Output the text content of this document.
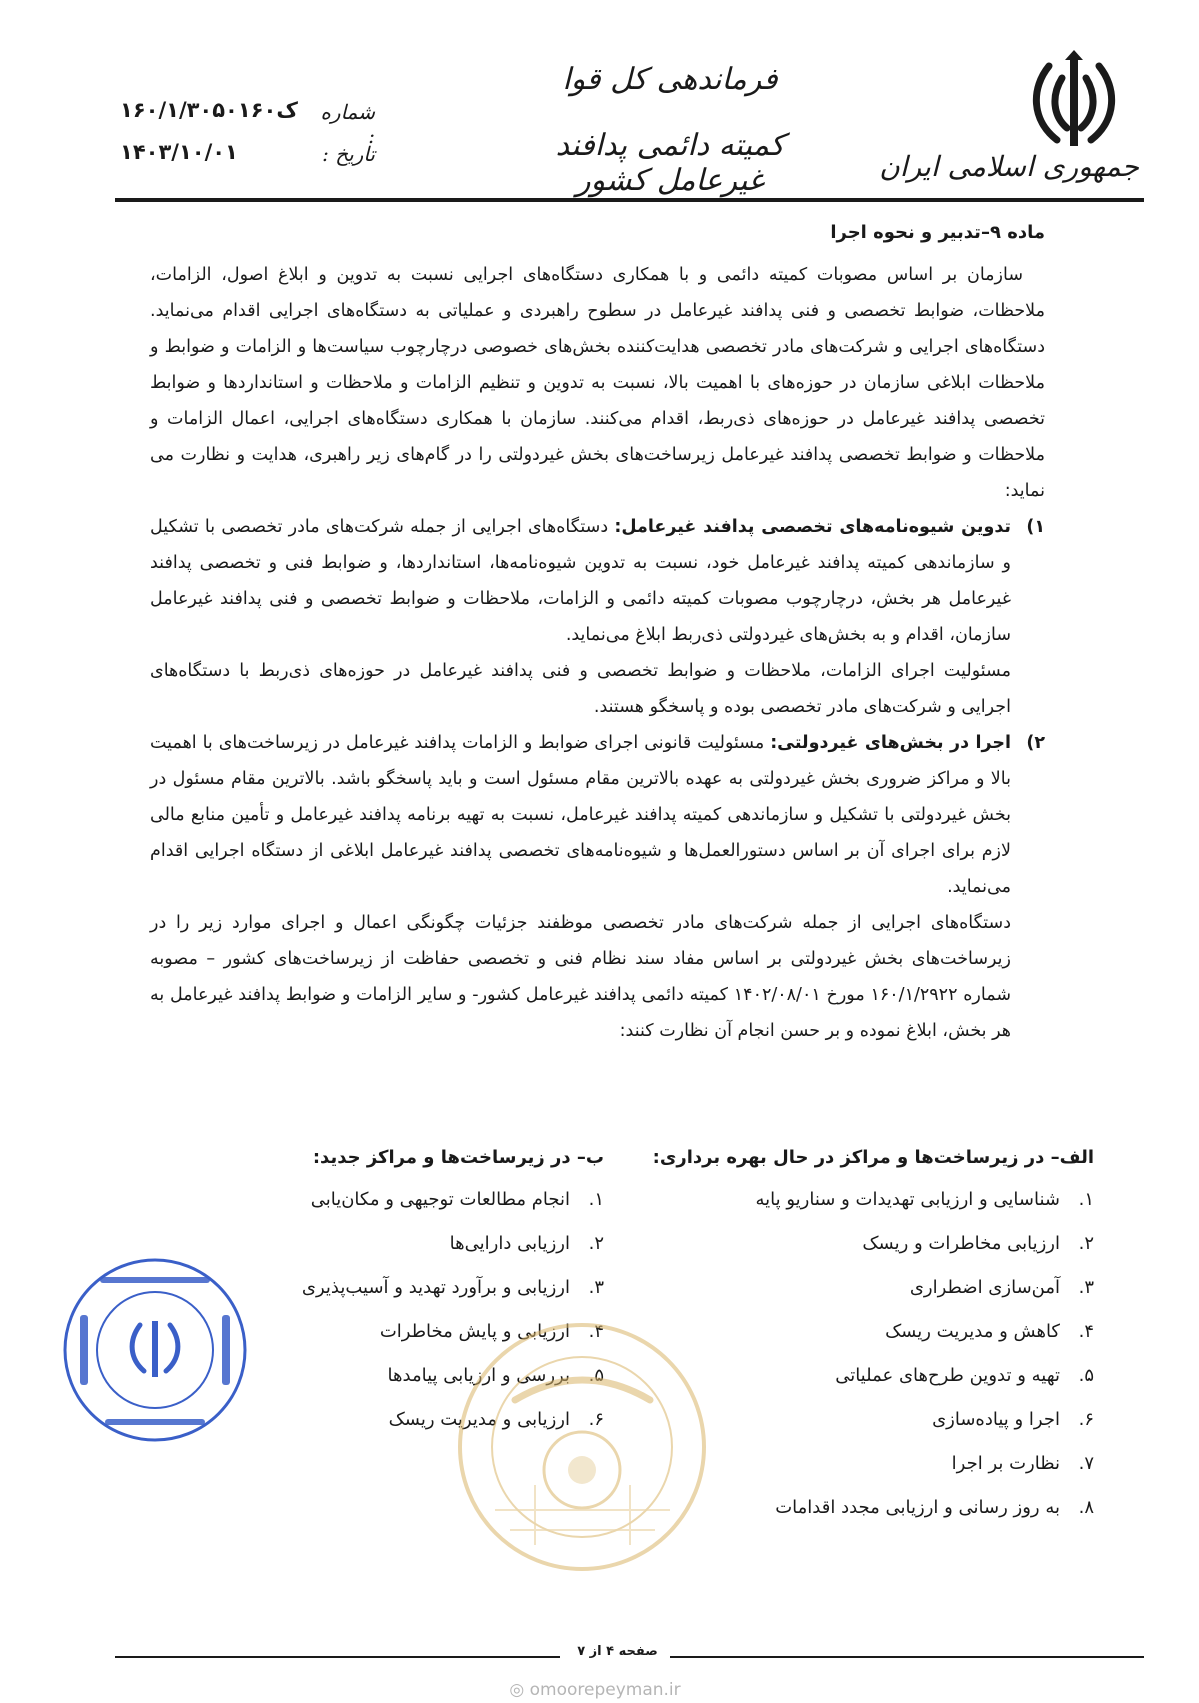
جمهوری اسلامی ایران
فرماندهی کل قوا
کمیته دائمی پدافند غیرعامل کشور
شماره :
۱۶۰/۱/۳۰۵۰ک۱۶۰
تاریخ :
۱۴۰۳/۱۰/۰۱

ماده ۹–تدبیر و نحوه اجرا

سازمان بر اساس مصوبات کمیته دائمی و با همکاری دستگاه‌های اجرایی نسبت به تدوین و ابلاغ اصول، الزامات، ملاحظات، ضوابط تخصصی و فنی پدافند غیرعامل در سطوح راهبردی و عملیاتی به دستگاه‌های اجرایی اقدام می‌نماید. دستگاه‌های اجرایی و شرکت‌های مادر تخصصی هدایت‌کننده بخش‌های خصوصی درچارچوب سیاست‌ها و الزامات و ضوابط و ملاحظات ابلاغی سازمان در حوزه‌های با اهمیت بالا، نسبت به تدوین و تنظیم الزامات و ملاحظات و استانداردها و ضوابط تخصصی پدافند غیرعامل در حوزه‌های ذی‌ربط، اقدام می‌کنند. سازمان با همکاری دستگاه‌های اجرایی، اعمال الزامات و ملاحظات و ضوابط تخصصی پدافند غیرعامل زیرساخت‌های بخش غیردولتی را در گام‌های زیر راهبری، هدایت و نظارت می نماید:

۱)

تدوین شیوه‌نامه‌های تخصصی پدافند غیرعامل: دستگاه‌های اجرایی از جمله شرکت‌های مادر تخصصی با تشکیل و سازماندهی کمیته پدافند غیرعامل خود، نسبت به تدوین شیوه‌نامه‌ها، استانداردها، و ضوابط فنی و تخصصی پدافند غیرعامل هر بخش، درچارچوب مصوبات کمیته دائمی و الزامات، ملاحظات و ضوابط تخصصی و فنی پدافند غیرعامل سازمان، اقدام و به بخش‌های غیردولتی ذی‌ربط ابلاغ می‌نماید.

مسئولیت اجرای الزامات، ملاحظات و ضوابط تخصصی و فنی پدافند غیرعامل در حوزه‌های ذی‌ربط با دستگاه‌های اجرایی و شرکت‌های مادر تخصصی بوده و پاسخگو هستند.

۲)

اجرا در بخش‌های غیردولتی: مسئولیت قانونی اجرای ضوابط و الزامات پدافند غیرعامل در زیرساخت‌های با اهمیت بالا و مراکز ضروری بخش غیردولتی به عهده بالاترین مقام مسئول است و باید پاسخگو باشد. بالاترین مقام مسئول در بخش غیردولتی با تشکیل و سازماندهی کمیته پدافند غیرعامل، نسبت به تهیه برنامه پدافند غیرعامل و تأمین منابع مالی لازم برای اجرای آن بر اساس دستورالعمل‌ها و شیوه‌نامه‌های تخصصی پدافند غیرعامل ابلاغی از دستگاه اجرایی اقدام می‌نماید.

دستگاه‌های اجرایی از جمله شرکت‌های مادر تخصصی موظفند جزئیات چگونگی اعمال و اجرای موارد زیر را در زیرساخت‌های بخش غیردولتی بر اساس مفاد سند نظام فنی و تخصصی حفاظت از زیرساخت‌های کشور – مصوبه شماره ۱۶۰/۱/۲۹۲۲ مورخ ۱۴۰۲/۰۸/۰۱ کمیته دائمی پدافند غیرعامل کشور- و سایر الزامات و ضوابط پدافند غیرعامل به هر بخش، ابلاغ نموده و بر حسن انجام آن نظارت کنند:

الف– در زیرساخت‌ها و مراکز در حال بهره برداری:
۱.
شناسایی و ارزیابی تهدیدات و سناریو پایه
۲.
ارزیابی مخاطرات و ریسک
۳.
آمن‌سازی اضطراری
۴.
کاهش و مدیریت ریسک
۵.
تهیه و تدوین طرح‌های عملیاتی
۶.
اجرا و پیاده‌سازی
۷.
نظارت بر اجرا
۸.
به روز رسانی و ارزیابی مجدد اقدامات
ب– در زیرساخت‌ها و مراکز جدید:
۱.
انجام مطالعات توجیهی و مکان‌یابی
۲.
ارزیابی دارایی‌ها
۳.
ارزیابی و برآورد تهدید و آسیب‌پذیری
۴.
ارزیابی و پایش مخاطرات
۵.
بررسی و ارزیابی پیامدها
۶.
ارزیابی و مدیریت ریسک
صفحه ۴ از ۷
◎ omoorepeyman.ir
